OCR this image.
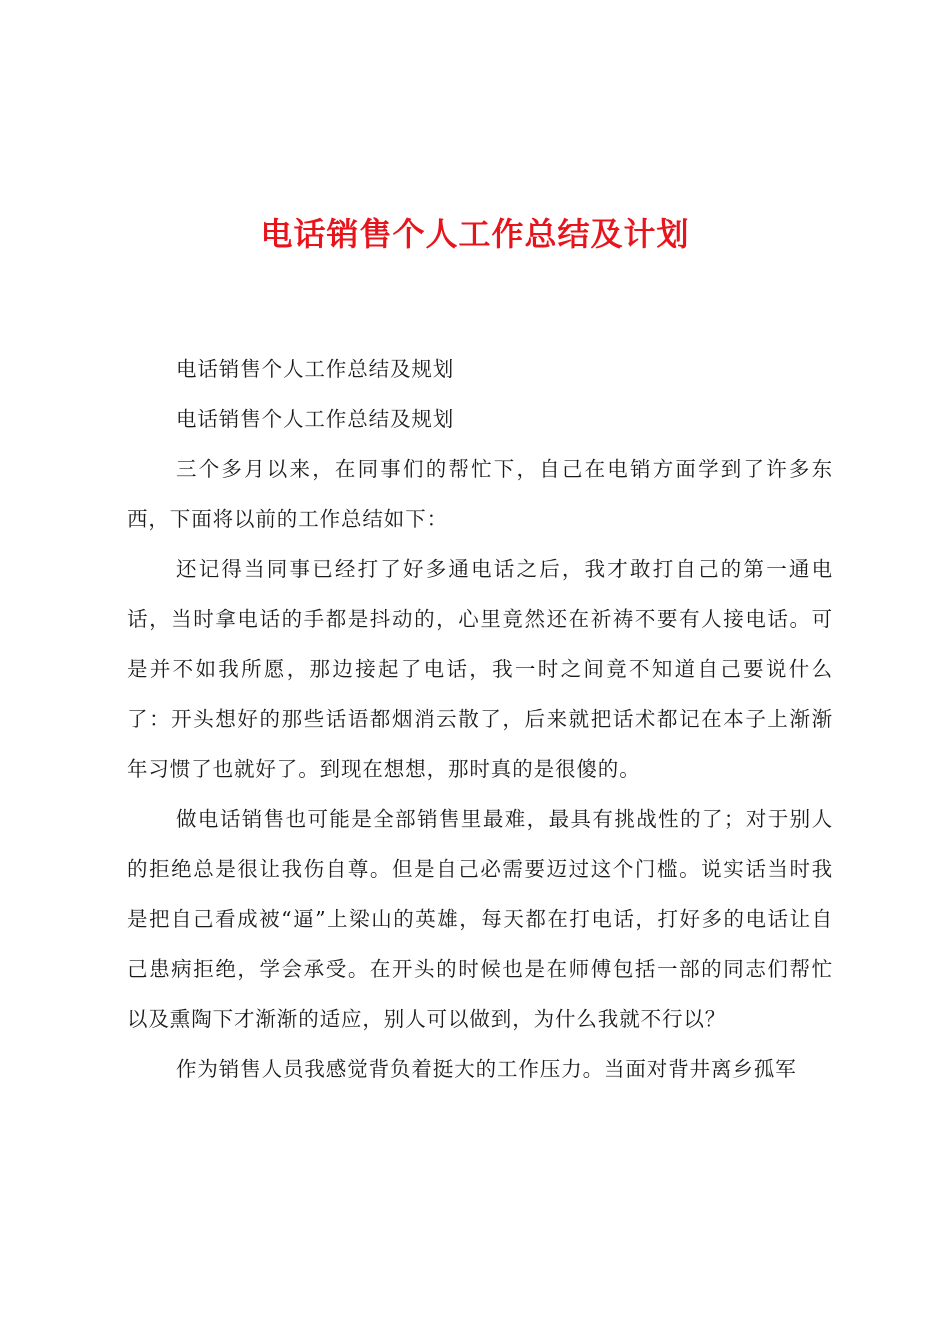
电话销售个人工作总结及计划

电话销售个人工作总结及规划

电话销售个人工作总结及规划

三个多月以来，在同事们的帮忙下，自己在电销方面学到了许多东西，下面将以前的工作总结如下：

还记得当同事已经打了好多通电话之后，我才敢打自己的第一通电话，当时拿电话的手都是抖动的，心里竟然还在祈祷不要有人接电话。可是并不如我所愿，那边接起了电话，我一时之间竟不知道自己要说什么了：开头想好的那些话语都烟消云散了，后来就把话术都记在本子上渐渐年习惯了也就好了。到现在想想，那时真的是很傻的。

做电话销售也可能是全部销售里最难，最具有挑战性的了；对于别人的拒绝总是很让我伤自尊。但是自己必需要迈过这个门槛。说实话当时我是把自己看成被“逼”上梁山的英雄，每天都在打电话，打好多的电话让自己患病拒绝，学会承受。在开头的时候也是在师傅包括一部的同志们帮忙以及熏陶下才渐渐的适应，别人可以做到，为什么我就不行以？

作为销售人员我感觉背负着挺大的工作压力。当面对背井离乡孤军
